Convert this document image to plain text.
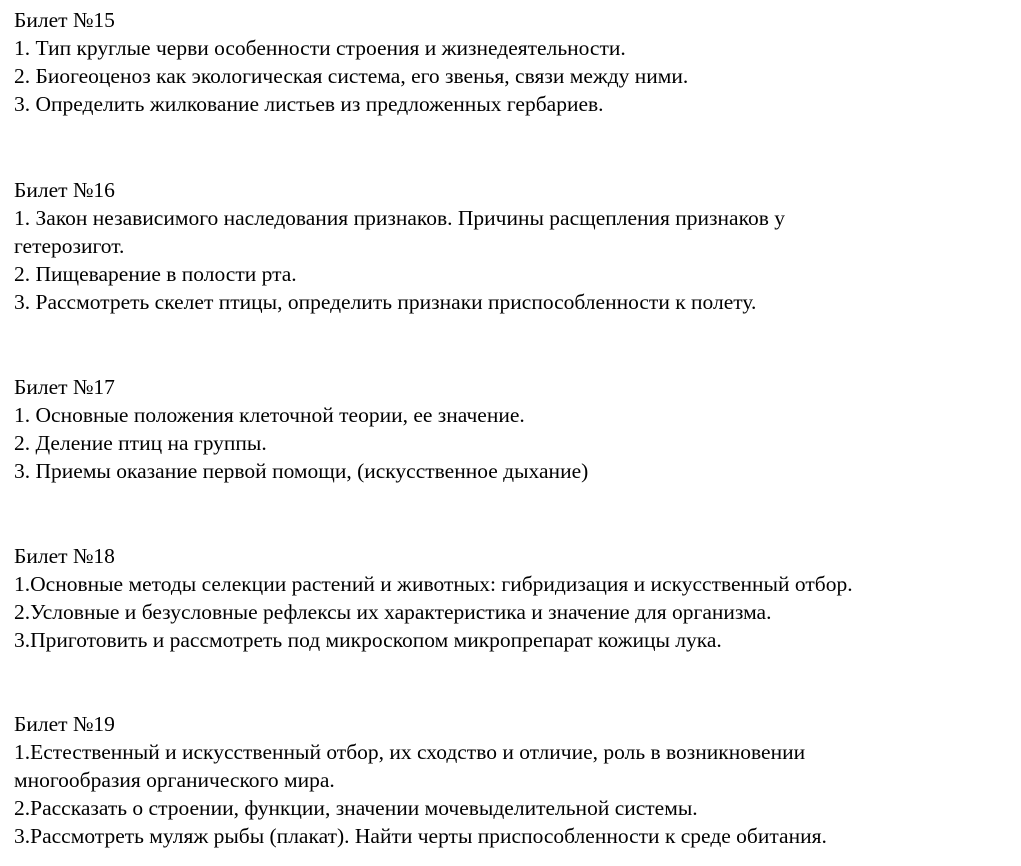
Билет №15
1. Тип круглые черви особенности строения и жизнедеятельности.
2. Биогеоценоз как экологическая система, его звенья, связи между ними.
3. Определить жилкование листьев из предложенных гербариев.
Билет №16
1. Закон независимого наследования признаков. Причины расщепления признаков у
гетерозигот.
2. Пищеварение в полости рта.
3. Рассмотреть скелет птицы, определить признаки приспособленности к полету.
Билет №17
1. Основные положения клеточной теории, ее значение.
2. Деление птиц на группы.
3. Приемы оказание первой помощи, (искусственное дыхание)
Билет №18
1.Основные методы селекции растений и животных: гибридизация и искусственный отбор.
2.Условные и безусловные рефлексы их характеристика и значение для организма.
3.Приготовить и рассмотреть под микроскопом микропрепарат кожицы лука.
Билет №19
1.Естественный и искусственный отбор, их сходство и отличие, роль в возникновении
многообразия органического мира.
2.Рассказать о строении, функции, значении мочевыделительной системы.
3.Рассмотреть муляж рыбы (плакат). Найти черты приспособленности к среде обитания.
